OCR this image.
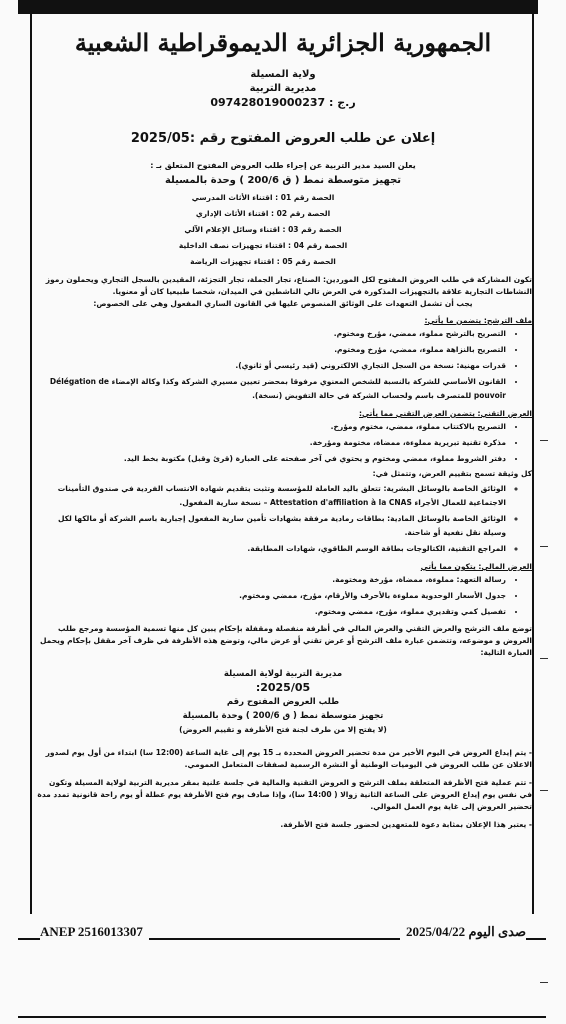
الجمهورية الجزائرية الديموقراطية الشعبية
ولاية المسيلة
مديرية التربية
ر.ج : 097428019000237
إعلان عن طلب العروض المفتوح رقم :2025/05
يعلن السيد مدير التربية عن إجراء طلب العروض المفتوح المتعلق بـ :
تجهيز متوسطة نمط ( ق 200/6 ) وحدة بالمسيلة
الحصة رقم 01 : اقتناء الأثاث المدرسي
الحصة رقم 02 : اقتناء الأثاث الإداري
الحصة رقم 03 : اقتناء وسائل الإعلام الآلي
الحصة رقم 04 : اقتناء تجهيزات نصف الداخلية
الحصة رقم 05 : اقتناء تجهيزات الرياضة
تكون المشاركة في طلب العروض المفتوح لكل الموردين: الصناع، تجار الجملة، تجار التجزئة، المقيدين بالسجل التجاري ويحملون رموز النشاطات التجارية علاقة بالتجهيزات المذكورة في العرض تالي الناشطين في الميدان، شخصا طبيعيا كان أو معنويا.
يجب أن تشمل التعهدات على الوثائق المنصوص عليها في القانون الساري المفعول وهي على الخصوص:
ملف الترشح: يتضمن ما يأتي:
• التصريح بالترشح مملوء، ممضي، مؤرخ ومختوم.
• التصريح بالنزاهة مملوء، ممضي، مؤرخ ومختوم.
• قدرات مهنية: نسخة من السجل التجاري الالكتروني (قيد رئيسي أو ثانوي).
• القانون الأساسي للشركة بالنسبة للشخص المعنوي مرفوقا بمحضر تعيين مسيري الشركة وكذا وكالة الإمضاء Délégation de pouvoir للمتصرف باسم ولحساب الشركة في حالة التفويض (نسخة).
العرض التقني: يتضمن العرض التقني مما يأتي:
• التصريح بالاكتتاب مملوء، ممضي، مختوم ومؤرخ.
• مذكرة تقنية تبريرية مملوءة، ممضاة، مختومة ومؤرخة.
• دفتر الشروط مملوء، ممضي ومختوم و يحتوي في آخر صفحته على العبارة (قرئ وقبل) مكتوبة بخط اليد.
كل وثيقة تسمح بتقييم العرض، وتتمثل في:
◦ الوثائق الخاصة بالوسائل البشرية: تتعلق باليد العاملة للمؤسسة وتثبت بتقديم شهادة الانتساب الفردية في صندوق التأمينات الاجتماعية للعمال الأجراء Attestation d'affiliation à la CNAS – نسخة سارية المفعول.
◦ الوثائق الخاصة بالوسائل المادية: بطاقات رمادية مرفقة بشهادات تأمين سارية المفعول إجبارية باسم الشركة أو مالكها لكل وسيلة نقل نفعية أو شاحنة.
◦ المراجع التقنية، الكتالوجات بطاقة الوسم الطاقوي، شهادات المطابقة.
العرض المالي: يتكون مما يأتي
• رسالة التعهد: مملوءة، ممضاة، مؤرخة ومختومة.
• جدول الأسعار الوحدوية مملوءة بالأحرف والأرقام، مؤرخ، ممضي ومختوم.
• تفصيل كمي وتقديري مملوء، مؤرخ، ممضي ومختوم.
توضع ملف الترشح والعرض التقني والعرض المالي في أظرفة منفصلة ومقفلة بإحكام يبين كل منها تسمية المؤسسة ومرجع طلب العروض و موضوعه، وتتضمن عبارة ملف الترشح أو عرض تقني أو عرض مالي، وتوضع هذه الأظرفة في ظرف آخر مقفل بإحكام ويحمل العبارة التالية:
مديرية التربية لولاية المسيلة
2025/05:
طلب العروض المفتوح رقم
تجهيز متوسطة نمط ( ق 200/6 ) وحدة بالمسيلة
(لا يفتح إلا من طرف لجنة فتح الأظرفة و تقييم العروض)
- يتم إيداع العروض في اليوم الأخير من مدة تحضير العروض المحددة بـ 15 يوم إلى غاية الساعة (12:00 سا) ابتداء من أول يوم لصدور الاعلان عن طلب العروض في اليوميات الوطنية أو النشرة الرسمية لصفقات المتعامل العمومي.
- تتم عملية فتح الأظرفة المتعلقة بملف الترشح و العروض التقنية والمالية في جلسة علنية بمقر مديرية التربية لولاية المسيلة وتكون في نفس يوم إيداع العروض على الساعة الثانية زوالا ( 14:00 سا)، وإذا صادف يوم فتح الأظرفة يوم عطلة أو يوم راحة قانونية تمدد مدة تحضير العروض إلى غاية يوم العمل الموالي.
- يعتبر هذا الإعلان بمثابة دعوة للمتعهدين لحضور جلسة فتح الأظرفة.
ANEP 2516013307	صدى اليوم 2025/04/22
